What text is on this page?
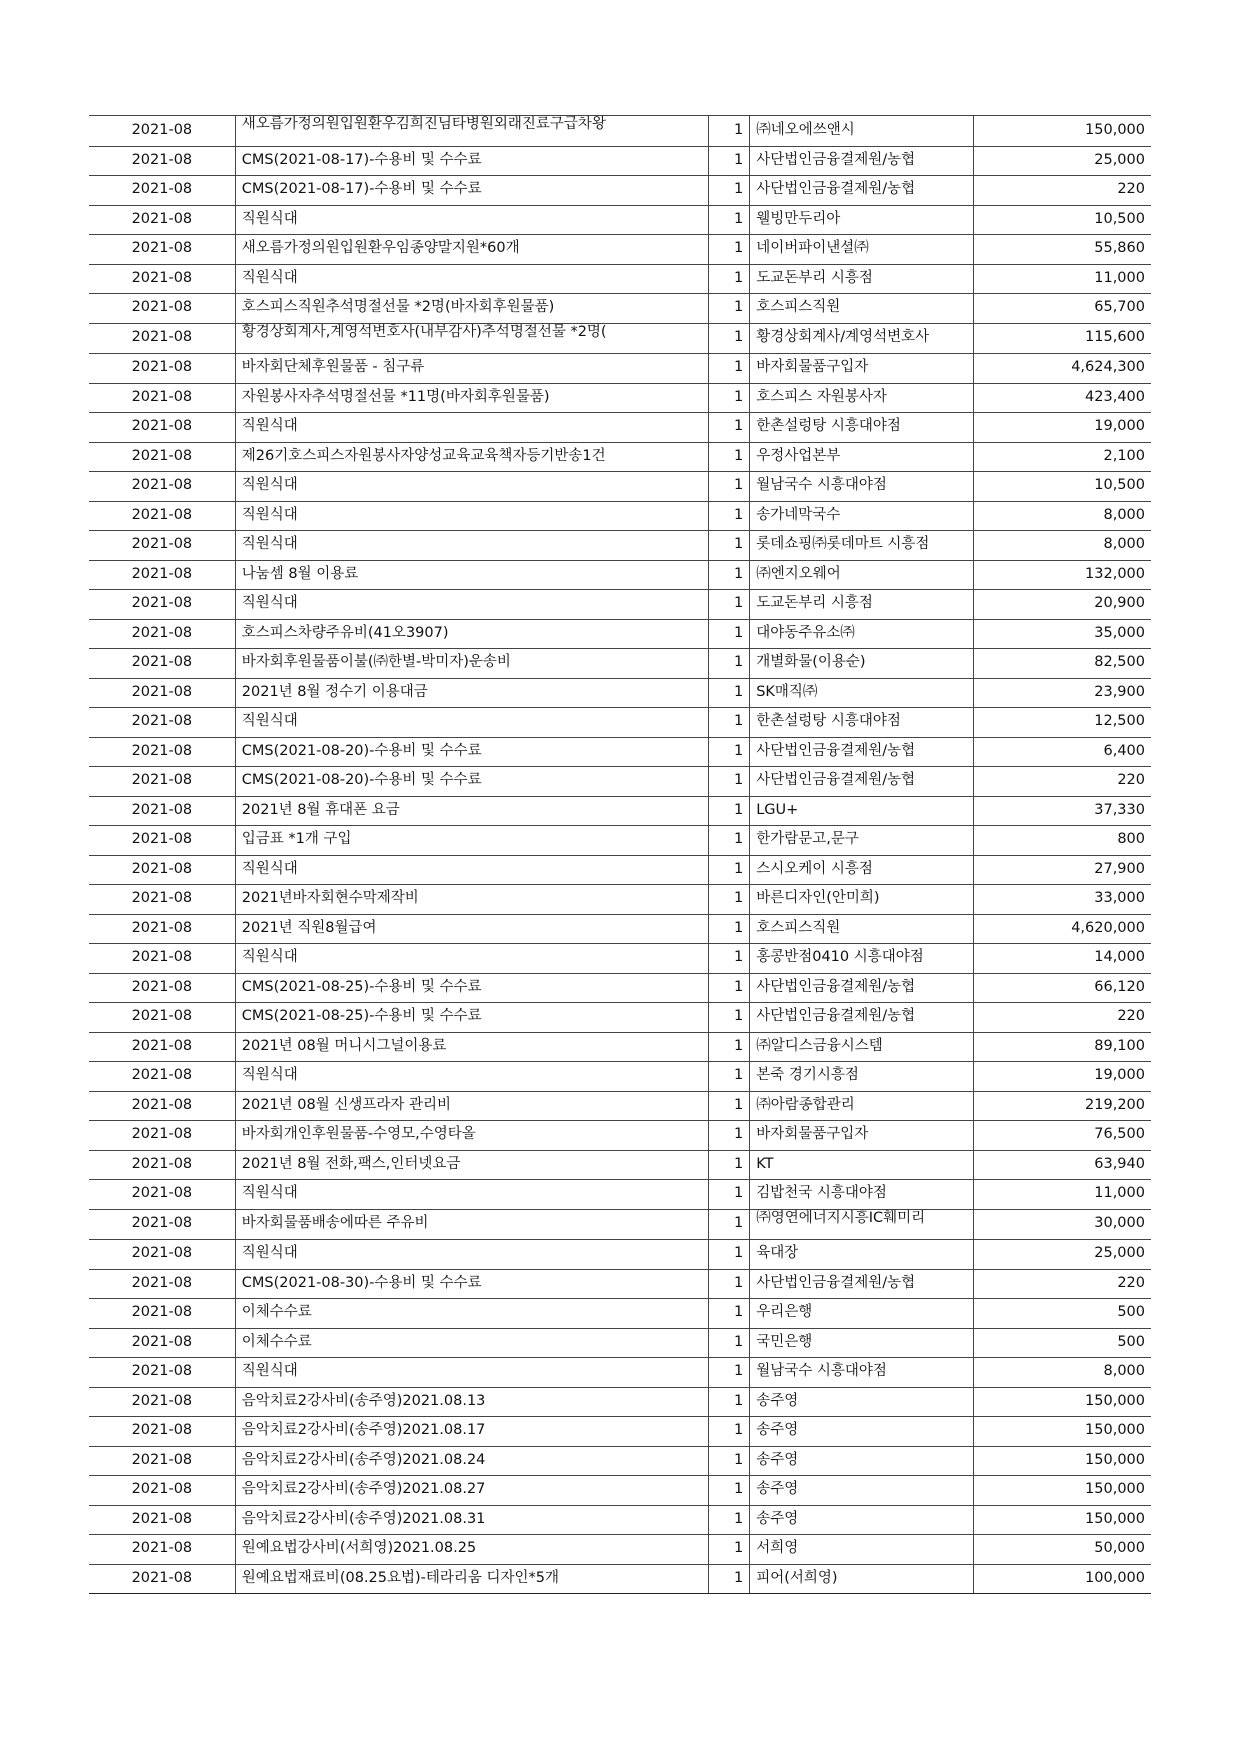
2021-08	새오름가정의원입원환우김희진님타병원외래진료구급차왕	1	㈜네오에쓰앤시	150,000
2021-08	CMS(2021-08-17)-수용비 및 수수료	1	사단법인금융결제원/농협	25,000
2021-08	CMS(2021-08-17)-수용비 및 수수료	1	사단법인금융결제원/농협	220
2021-08	직원식대	1	웰빙만두리아	10,500
2021-08	새오름가정의원입원환우임종양말지원*60개	1	네이버파이낸셜㈜	55,860
2021-08	직원식대	1	도교돈부리 시흥점	11,000
2021-08	호스피스직원추석명절선물 *2명(바자회후원물품)	1	호스피스직원	65,700
2021-08	황경상회계사,계영석변호사(내부감사)추석명절선물 *2명(	1	황경상회계사/계영석변호사	115,600
2021-08	바자회단체후원물품 - 침구류	1	바자회물품구입자	4,624,300
2021-08	자원봉사자추석명절선물 *11명(바자회후원물품)	1	호스피스 자원봉사자	423,400
2021-08	직원식대	1	한촌설렁탕 시흥대야점	19,000
2021-08	제26기호스피스자원봉사자양성교육교육책자등기반송1건	1	우정사업본부	2,100
2021-08	직원식대	1	월남국수 시흥대야점	10,500
2021-08	직원식대	1	송가네막국수	8,000
2021-08	직원식대	1	롯데쇼핑㈜롯데마트 시흥점	8,000
2021-08	나눔셈 8월 이용료	1	㈜엔지오웨어	132,000
2021-08	직원식대	1	도교돈부리 시흥점	20,900
2021-08	호스피스차량주유비(41오3907)	1	대야동주유소㈜	35,000
2021-08	바자회후원물품이불(㈜한별-박미자)운송비	1	개별화물(이용순)	82,500
2021-08	2021년 8월 정수기 이용대금	1	SK매직㈜	23,900
2021-08	직원식대	1	한촌설렁탕 시흥대야점	12,500
2021-08	CMS(2021-08-20)-수용비 및 수수료	1	사단법인금융결제원/농협	6,400
2021-08	CMS(2021-08-20)-수용비 및 수수료	1	사단법인금융결제원/농협	220
2021-08	2021년 8월 휴대폰 요금	1	LGU+	37,330
2021-08	입금표 *1개 구입	1	한가람문고,문구	800
2021-08	직원식대	1	스시오케이 시흥점	27,900
2021-08	2021년바자회현수막제작비	1	바른디자인(안미희)	33,000
2021-08	2021년 직원8월급여	1	호스피스직원	4,620,000
2021-08	직원식대	1	홍콩반점0410 시흥대야점	14,000
2021-08	CMS(2021-08-25)-수용비 및 수수료	1	사단법인금융결제원/농협	66,120
2021-08	CMS(2021-08-25)-수용비 및 수수료	1	사단법인금융결제원/농협	220
2021-08	2021년 08월 머니시그널이용료	1	㈜알디스금융시스템	89,100
2021-08	직원식대	1	본죽 경기시흥점	19,000
2021-08	2021년 08월 신생프라자 관리비	1	㈜아람종합관리	219,200
2021-08	바자회개인후원물품-수영모,수영타올	1	바자회물품구입자	76,500
2021-08	2021년 8월 전화,팩스,인터넷요금	1	KT	63,940
2021-08	직원식대	1	김밥천국 시흥대야점	11,000
2021-08	바자회물품배송에따른 주유비	1	㈜영연에너지시흥IC훼미리	30,000
2021-08	직원식대	1	육대장	25,000
2021-08	CMS(2021-08-30)-수용비 및 수수료	1	사단법인금융결제원/농협	220
2021-08	이체수수료	1	우리은행	500
2021-08	이체수수료	1	국민은행	500
2021-08	직원식대	1	월남국수 시흥대야점	8,000
2021-08	음악치료2강사비(송주영)2021.08.13	1	송주영	150,000
2021-08	음악치료2강사비(송주영)2021.08.17	1	송주영	150,000
2021-08	음악치료2강사비(송주영)2021.08.24	1	송주영	150,000
2021-08	음악치료2강사비(송주영)2021.08.27	1	송주영	150,000
2021-08	음악치료2강사비(송주영)2021.08.31	1	송주영	150,000
2021-08	원예요법강사비(서희영)2021.08.25	1	서희영	50,000
2021-08	원예요법재료비(08.25요법)-테라리움 디자인*5개	1	피어(서희영)	100,000
